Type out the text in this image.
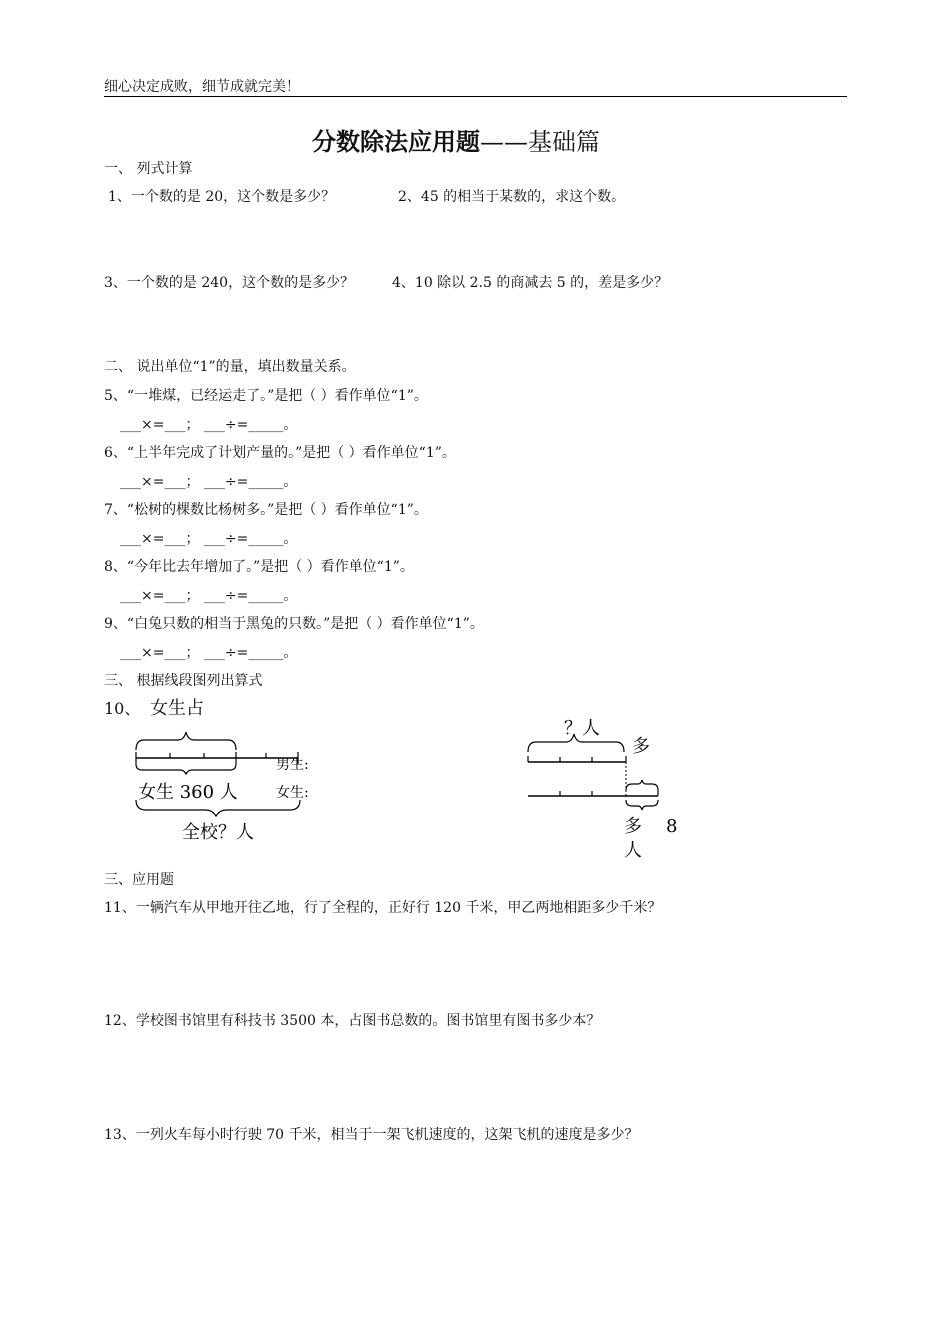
细心决定成败，细节成就完美！
分数除法应用题——基础篇
一、 列式计算
1、一个数的是 20，这个数是多少？	2、45 的相当于某数的，求这个数。
3、一个数的是 240，这个数的是多少？	4、10 除以 2.5 的商减去 5 的，差是多少？
二、 说出单位“1”的量，填出数量关系。
5、“一堆煤，已经运走了。”是把（ ）看作单位“1”。
___×=___； ___÷=_____。
6、“上半年完成了计划产量的。”是把（ ）看作单位“1”。
___×=___； ___÷=_____。
7、“松树的棵数比杨树多。”是把（ ）看作单位“1”。
___×=___； ___÷=_____。
8、“今年比去年增加了。”是把（ ）看作单位“1”。
___×=___； ___÷=_____。
9、“白兔只数的相当于黑兔的只数。”是把（ ）看作单位“1”。
___×=___； ___÷=_____。
三、 根据线段图列出算式
10、 女生占
男生:
女生:
女生 360 人
全校？人
？人
多
多 8
人
三、应用题
11、一辆汽车从甲地开往乙地，行了全程的，正好行 120 千米，甲乙两地相距多少千米？
12、学校图书馆里有科技书 3500 本，占图书总数的。图书馆里有图书多少本？
13、一列火车每小时行驶 70 千米，相当于一架飞机速度的，这架飞机的速度是多少？
